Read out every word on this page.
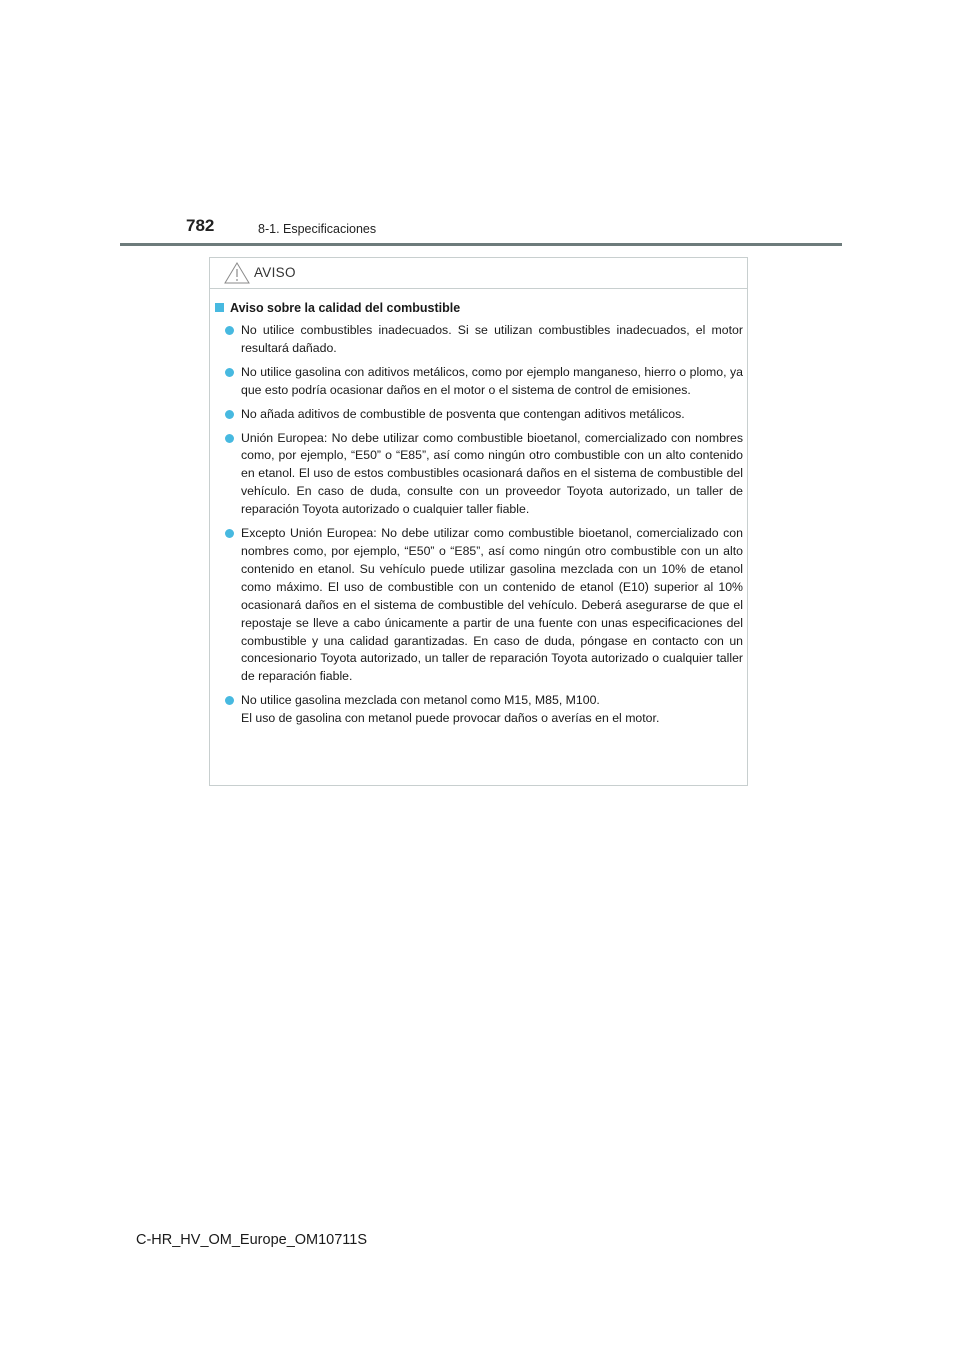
782	8-1. Especificaciones
AVISO
Aviso sobre la calidad del combustible
No utilice combustibles inadecuados. Si se utilizan combustibles inadecuados, el motor resultará dañado.
No utilice gasolina con aditivos metálicos, como por ejemplo manganeso, hierro o plomo, ya que esto podría ocasionar daños en el motor o el sistema de control de emisiones.
No añada aditivos de combustible de posventa que contengan aditivos metálicos.
Unión Europea: No debe utilizar como combustible bioetanol, comercializado con nombres como, por ejemplo, “E50” o “E85”, así como ningún otro combustible con un alto contenido en etanol. El uso de estos combustibles ocasionará daños en el sistema de combustible del vehículo. En caso de duda, consulte con un proveedor Toyota autorizado, un taller de reparación Toyota autorizado o cualquier taller fiable.
Excepto Unión Europea: No debe utilizar como combustible bioetanol, comercializado con nombres como, por ejemplo, “E50” o “E85”, así como ningún otro combustible con un alto contenido en etanol. Su vehículo puede utilizar gasolina mezclada con un 10% de etanol como máximo. El uso de combustible con un contenido de etanol (E10) superior al 10% ocasionará daños en el sistema de combustible del vehículo. Deberá asegurarse de que el repostaje se lleve a cabo únicamente a partir de una fuente con unas especificaciones del combustible y una calidad garantizadas. En caso de duda, póngase en contacto con un concesionario Toyota autorizado, un taller de reparación Toyota autorizado o cualquier taller de reparación fiable.
No utilice gasolina mezclada con metanol como M15, M85, M100.
El uso de gasolina con metanol puede provocar daños o averías en el motor.
C-HR_HV_OM_Europe_OM10711S
